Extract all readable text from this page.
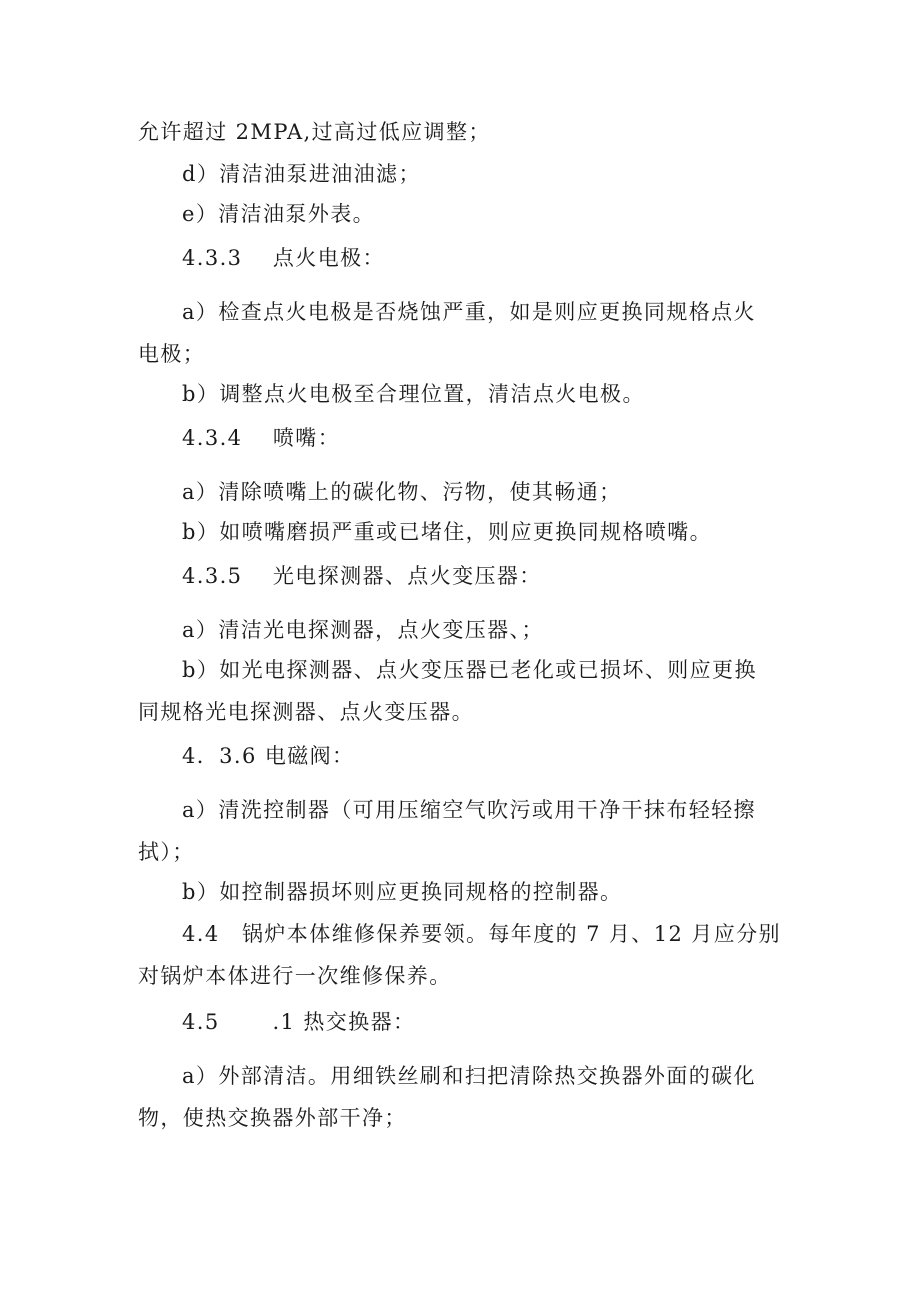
允许超过 2MPA,过高过低应调整；
d）清洁油泵进油油滤；
e）清洁油泵外表。
4.3.3　 点火电极：
a）检查点火电极是否烧蚀严重，如是则应更换同规格点火
电极；
b）调整点火电极至合理位置，清洁点火电极。
4.3.4　 喷嘴：
a）清除喷嘴上的碳化物、污物，使其畅通；
b）如喷嘴磨损严重或已堵住，则应更换同规格喷嘴。
4.3.5　 光电探测器、点火变压器：
a）清洁光电探测器，点火变压器、；
b）如光电探测器、点火变压器已老化或已损坏、则应更换
同规格光电探测器、点火变压器。
4．3.6 电磁阀：
a）清洗控制器（可用压缩空气吹污或用干净干抹布轻轻擦
拭）；
b）如控制器损坏则应更换同规格的控制器。
4.4　锅炉本体维修保养要领。每年度的 7 月、12 月应分别
对锅炉本体进行一次维修保养。
4.5　　 .1 热交换器：
a）外部清洁。用细铁丝刷和扫把清除热交换器外面的碳化
物，使热交换器外部干净；
